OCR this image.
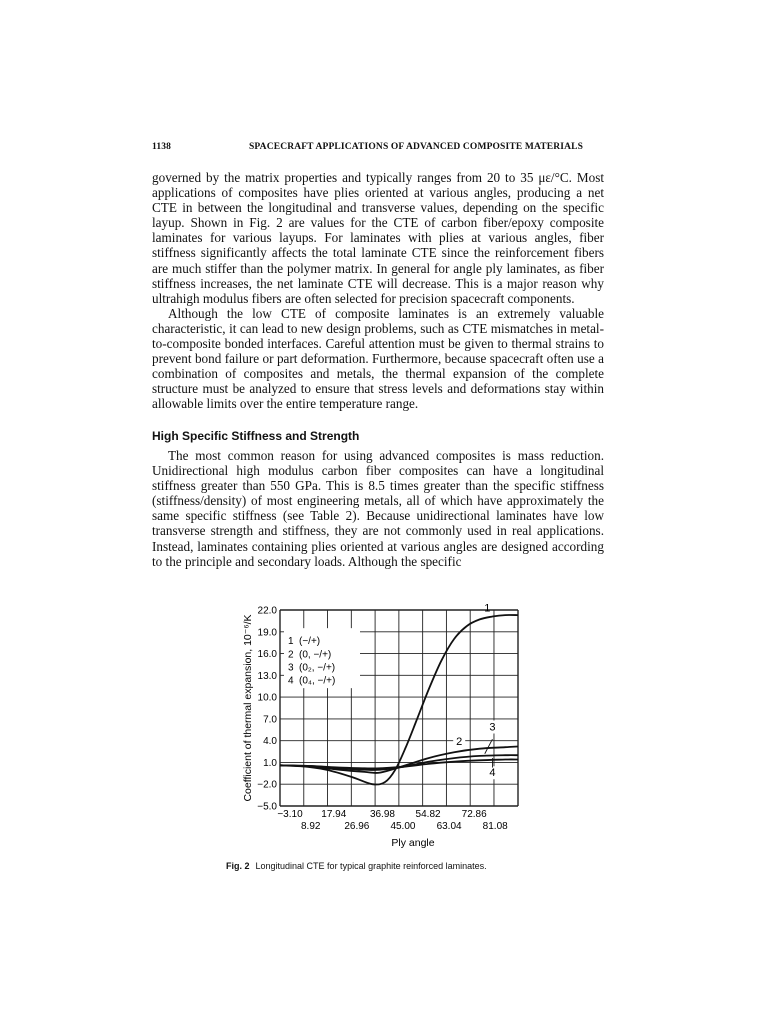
1138	SPACECRAFT APPLICATIONS OF ADVANCED COMPOSITE MATERIALS

governed by the matrix properties and typically ranges from 20 to 35 με/°C. Most applications of composites have plies oriented at various angles, producing a net CTE in between the longitudinal and transverse values, depending on the specific layup. Shown in Fig. 2 are values for the CTE of carbon fiber/epoxy composite laminates for various layups. For laminates with plies at various angles, fiber stiffness significantly affects the total laminate CTE since the reinforcement fibers are much stiffer than the polymer matrix. In general for angle ply laminates, as fiber stiffness increases, the net laminate CTE will decrease. This is a major reason why ultrahigh modulus fibers are often selected for precision spacecraft components.

Although the low CTE of composite laminates is an extremely valuable characteristic, it can lead to new design problems, such as CTE mismatches in metal-to-composite bonded interfaces. Careful attention must be given to thermal strains to prevent bond failure or part deformation. Furthermore, because spacecraft often use a combination of composites and metals, the thermal expansion of the complete structure must be analyzed to ensure that stress levels and deformations stay within allowable limits over the entire temperature range.

High Specific Stiffness and Strength

The most common reason for using advanced composites is mass reduction. Unidirectional high modulus carbon fiber composites can have a longitudinal stiffness greater than 550 GPa. This is 8.5 times greater than the specific stiffness (stiffness/density) of most engineering metals, all of which have approximately the same specific stiffness (see Table 2). Because unidirectional laminates have low transverse strength and stiffness, they are not commonly used in real applications. Instead, laminates containing plies oriented at various angles are designed according to the principle and secondary loads. Although the specific

22.0
19.0
16.0
13.0
10.0
7.0
4.0
1.0
−2.0
−5.0
−3.10
8.92
17.94
26.96
36.98
45.00
54.82
63.04
72.86
81.08
Ply angle
Coefficient of thermal expansion, 10⁻⁶/K	1 (−/+)
2 (0, −/+)
3 (0₂, −/+)
4 (0₄, −/+)
1
2
3
4
Fig. 2 Longitudinal CTE for typical graphite reinforced laminates.
